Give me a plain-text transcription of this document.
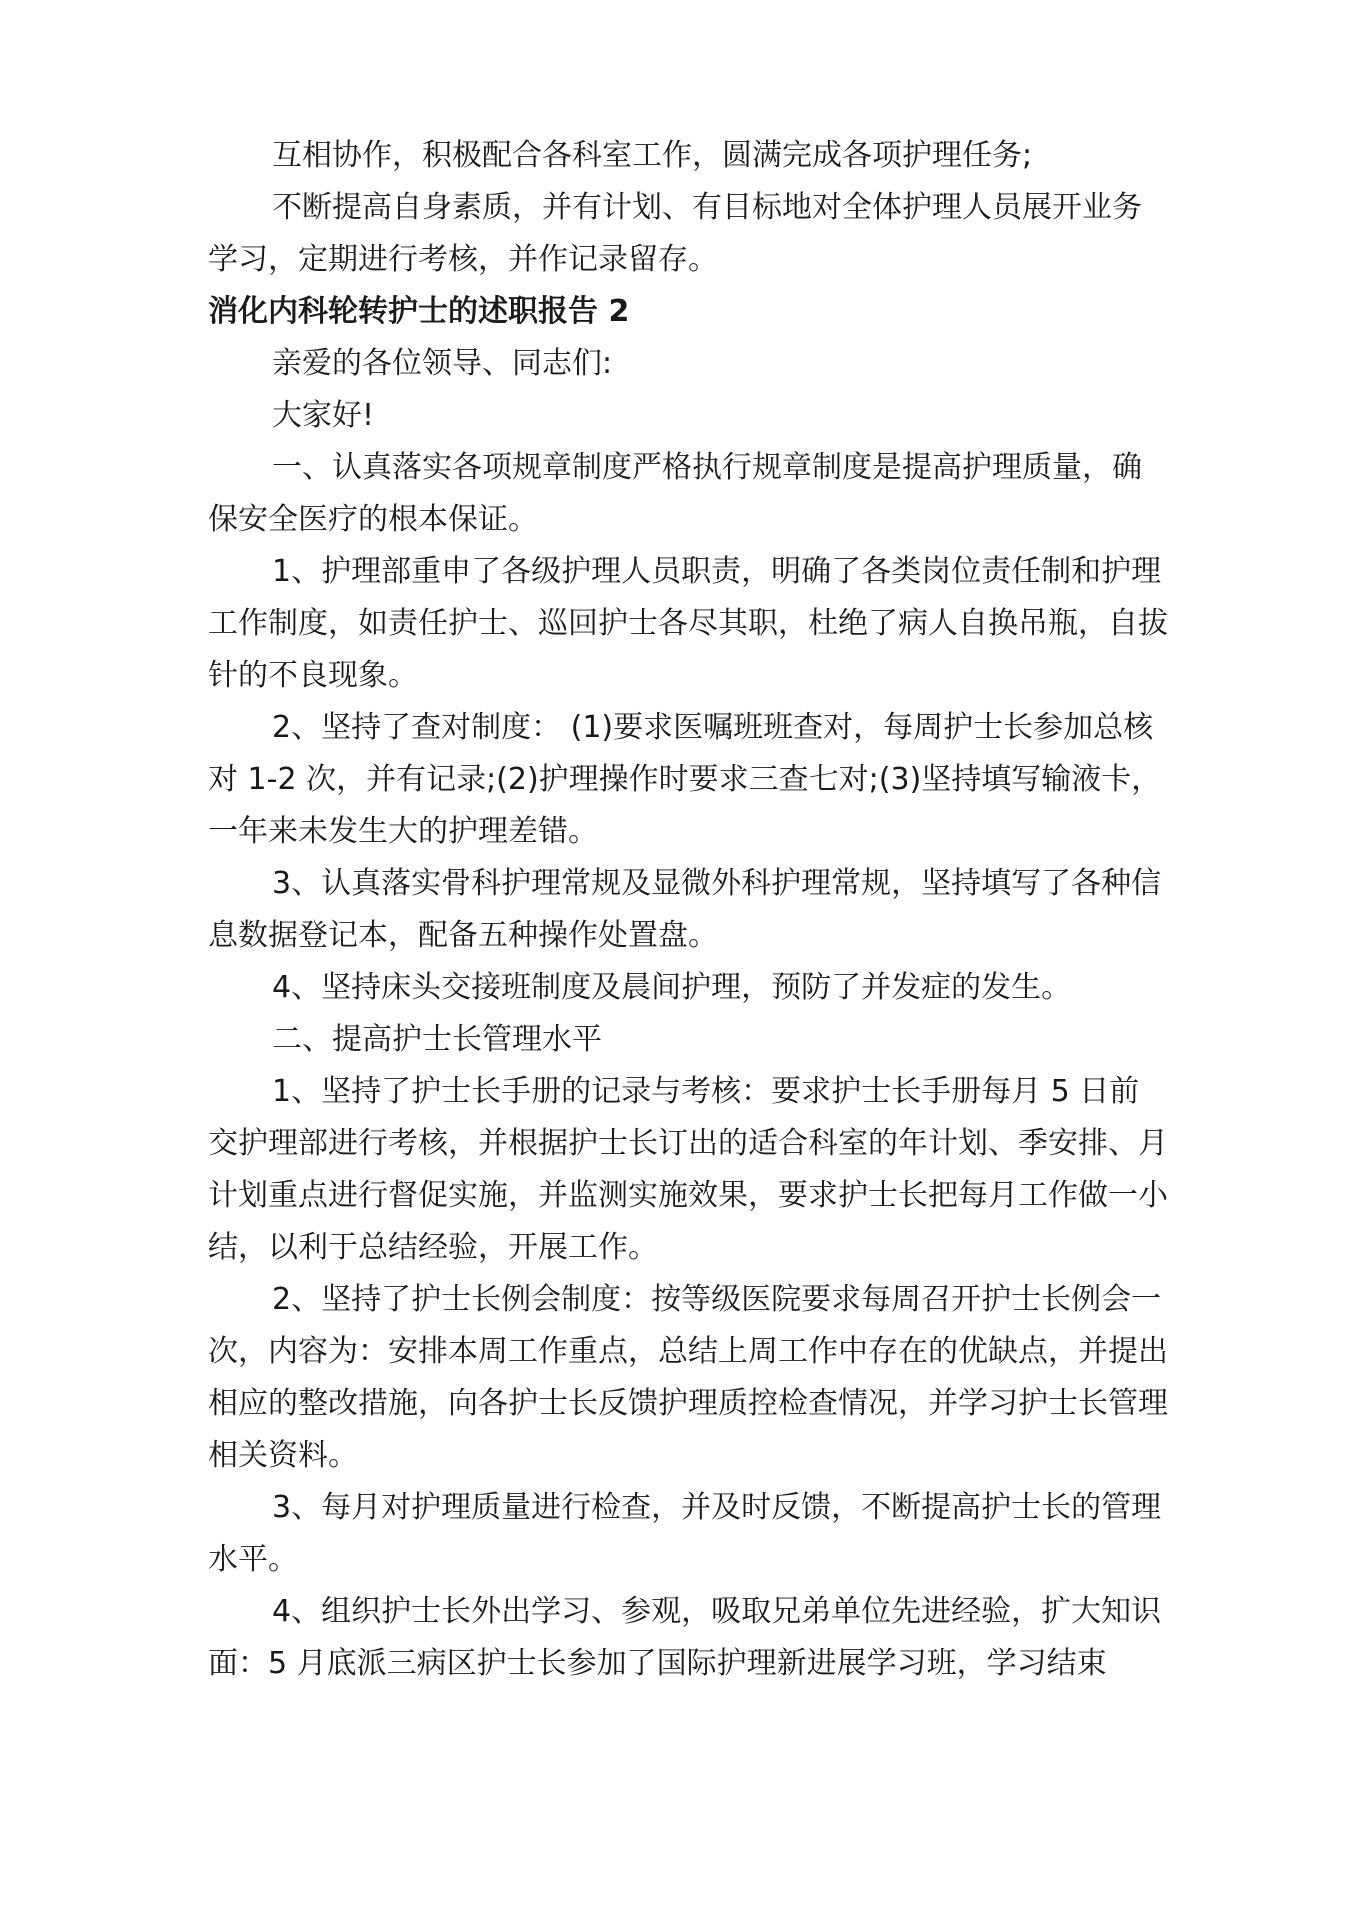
互相协作，积极配合各科室工作，圆满完成各项护理任务;

不断提高自身素质，并有计划、有目标地对全体护理人员展开业务学习，定期进行考核，并作记录留存。

消化内科轮转护士的述职报告 2

亲爱的各位领导、同志们:

大家好!

一、认真落实各项规章制度严格执行规章制度是提高护理质量，确保安全医疗的根本保证。

1、护理部重申了各级护理人员职责，明确了各类岗位责任制和护理工作制度，如责任护士、巡回护士各尽其职，杜绝了病人自换吊瓶，自拔针的不良现象。

2、坚持了查对制度： (1)要求医嘱班班查对，每周护士长参加总核对 1-2 次，并有记录;(2)护理操作时要求三查七对;(3)坚持填写输液卡，一年来未发生大的护理差错。

3、认真落实骨科护理常规及显微外科护理常规，坚持填写了各种信息数据登记本，配备五种操作处置盘。

4、坚持床头交接班制度及晨间护理，预防了并发症的发生。

二、提高护士长管理水平

1、坚持了护士长手册的记录与考核：要求护士长手册每月 5 日前交护理部进行考核，并根据护士长订出的适合科室的年计划、季安排、月计划重点进行督促实施，并监测实施效果，要求护士长把每月工作做一小结，以利于总结经验，开展工作。

2、坚持了护士长例会制度：按等级医院要求每周召开护士长例会一次，内容为：安排本周工作重点，总结上周工作中存在的优缺点，并提出相应的整改措施，向各护士长反馈护理质控检查情况，并学习护士长管理相关资料。

3、每月对护理质量进行检查，并及时反馈，不断提高护士长的管理水平。

4、组织护士长外出学习、参观，吸取兄弟单位先进经验，扩大知识面：5 月底派三病区护士长参加了国际护理新进展学习班，学习结束
